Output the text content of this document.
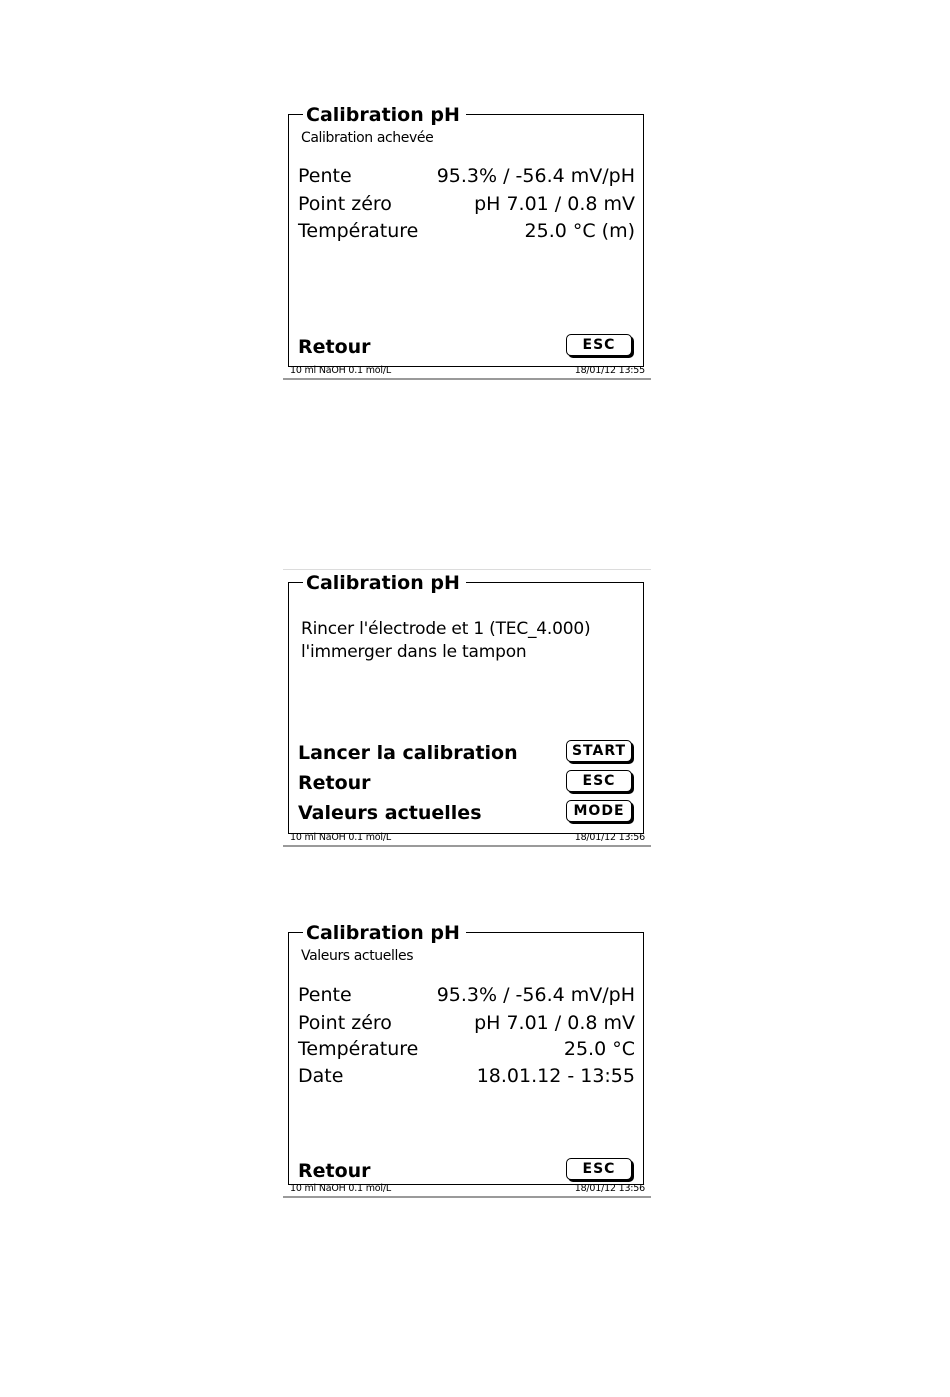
Calibration pH
Calibration achevée
Pente	95.3% / -56.4 mV/pH
Point zéro	pH 7.01 / 0.8 mV
Température	25.0 °C (m)
Retour	ESC
10 ml NaOH 0.1 mol/L	18/01/12 13:55
Calibration pH
Rincer l'électrode et 1 (TEC_4.000)
l'immerger dans le tampon
Lancer la calibration	START
Retour	ESC
Valeurs actuelles	MODE
10 ml NaOH 0.1 mol/L	18/01/12 13:56
Calibration pH
Valeurs actuelles
Pente	95.3% / -56.4 mV/pH
Point zéro	pH 7.01 / 0.8 mV
Température	25.0 °C
Date	18.01.12 - 13:55
Retour	ESC
10 ml NaOH 0.1 mol/L	18/01/12 13:56
